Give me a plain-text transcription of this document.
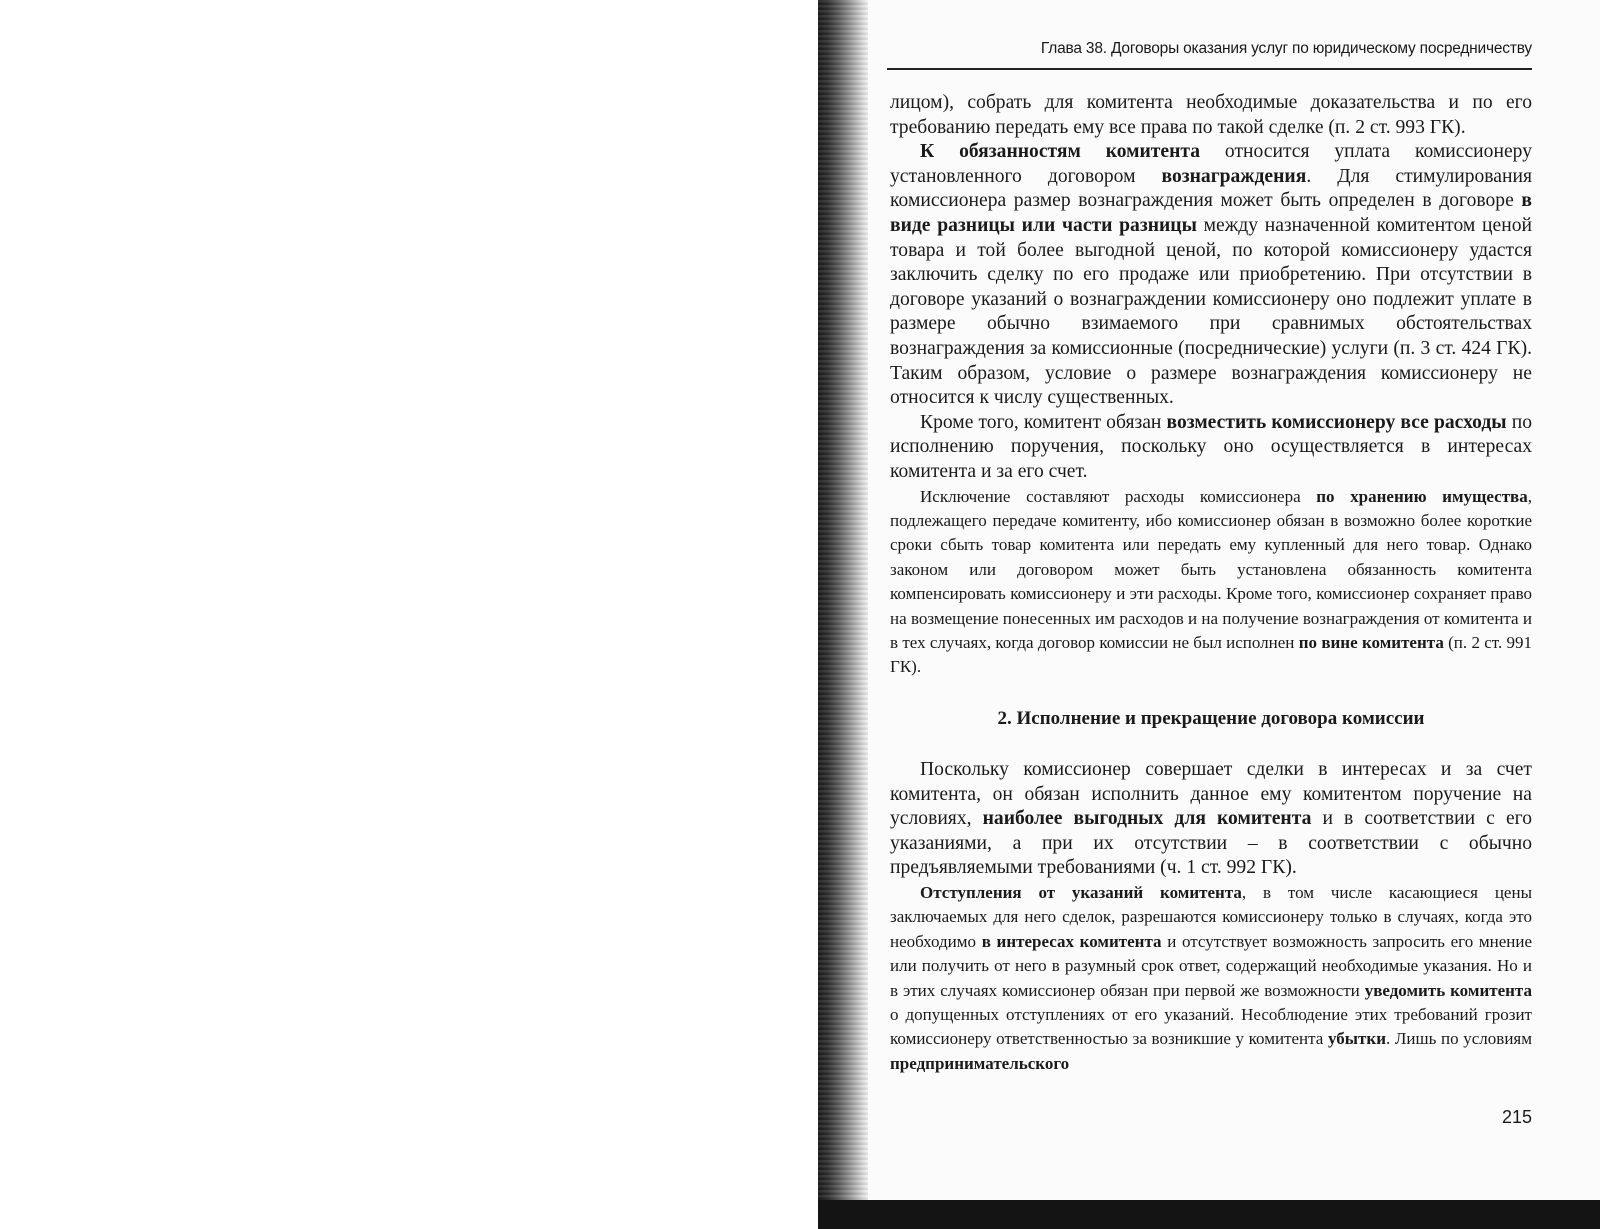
Глава 38. Договоры оказания услуг по юридическому посредничеству

лицом), собрать для комитента необходимые доказательства и по его требованию передать ему все права по такой сделке (п. 2 ст. 993 ГК).

К обязанностям комитента относится уплата комиссионеру установленного договором вознаграждения. Для стимулирования комиссионера размер вознаграждения может быть определен в договоре в виде разницы или части разницы между назначенной комитентом ценой товара и той более выгодной ценой, по которой комиссионеру удастся заключить сделку по его продаже или приобретению. При отсутствии в договоре указаний о вознаграждении комиссионеру оно подлежит уплате в размере обычно взимаемого при сравнимых обстоятельствах вознаграждения за комиссионные (посреднические) услуги (п. 3 ст. 424 ГК). Таким образом, условие о размере вознаграждения комиссионеру не относится к числу существенных.

Кроме того, комитент обязан возместить комиссионеру все расходы по исполнению поручения, поскольку оно осуществляется в интересах комитента и за его счет.

Исключение составляют расходы комиссионера по хранению имущества, подлежащего передаче комитенту, ибо комиссионер обязан в возможно более короткие сроки сбыть товар комитента или передать ему купленный для него товар. Однако законом или договором может быть установлена обязанность комитента компенсировать комиссионеру и эти расходы. Кроме того, комиссионер сохраняет право на возмещение понесенных им расходов и на получение вознаграждения от комитента и в тех случаях, когда договор комиссии не был исполнен по вине комитента (п. 2 ст. 991 ГК).

2. Исполнение и прекращение договора комиссии

Поскольку комиссионер совершает сделки в интересах и за счет комитента, он обязан исполнить данное ему комитентом поручение на условиях, наиболее выгодных для комитента и в соответствии с его указаниями, а при их отсутствии – в соответствии с обычно предъявляемыми требованиями (ч. 1 ст. 992 ГК).

Отступления от указаний комитента, в том числе касающиеся цены заключаемых для него сделок, разрешаются комиссионеру только в случаях, когда это необходимо в интересах комитента и отсутствует возможность запросить его мнение или получить от него в разумный срок ответ, содержащий необходимые указания. Но и в этих случаях комиссионер обязан при первой же возможности уведомить комитента о допущенных отступлениях от его указаний. Несоблюдение этих требований грозит комиссионеру ответственностью за возникшие у комитента убытки. Лишь по условиям предпринимательского

215
